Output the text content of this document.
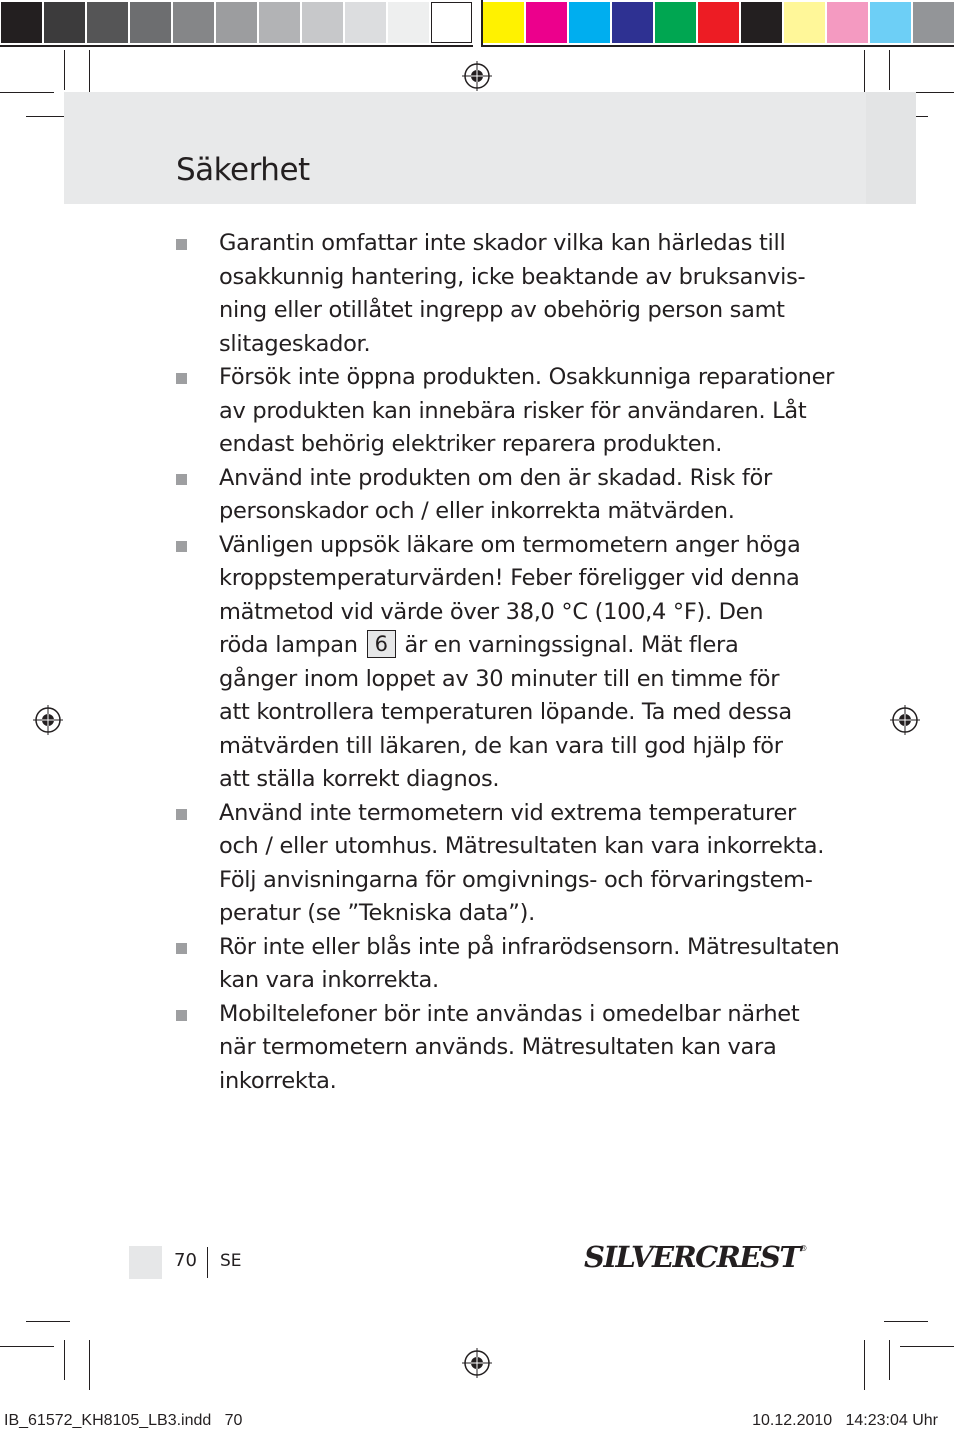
Säkerhet
Garantin omfattar inte skador vilka kan härledas till
osakkunnig hantering, icke beaktande av bruksanvis-
ning eller otillåtet ingrepp av obehörig person samt
slitageskador.
Försök inte öppna produkten. Osakkunniga reparationer
av produkten kan innebära risker för användaren. Låt
endast behörig elektriker reparera produkten.
Använd inte produkten om den är skadad. Risk för
personskador och / eller inkorrekta mätvärden.
Vänligen uppsök läkare om termometern anger höga
kroppstemperaturvärden! Feber föreligger vid denna
mätmetod vid värde över 38,0 °C (100,4 °F). Den
röda lampan 6 är en varningssignal. Mät flera
gånger inom loppet av 30 minuter till en timme för
att kontrollera temperaturen löpande. Ta med dessa
mätvärden till läkaren, de kan vara till god hjälp för
att ställa korrekt diagnos.
Använd inte termometern vid extrema temperaturer
och / eller utomhus. Mätresultaten kan vara inkorrekta.
Följ anvisningarna för omgivnings- och förvaringstem-
peratur (se ”Tekniska data”).
Rör inte eller blås inte på infrarödsensorn. Mätresultaten
kan vara inkorrekta.
Mobiltelefoner bör inte användas i omedelbar närhet
när termometern används. Mätresultaten kan vara
inkorrekta.
70 SE	SILVERCREST®
IB_61572_KH8105_LB3.indd   70	10.12.2010   14:23:04 Uhr
